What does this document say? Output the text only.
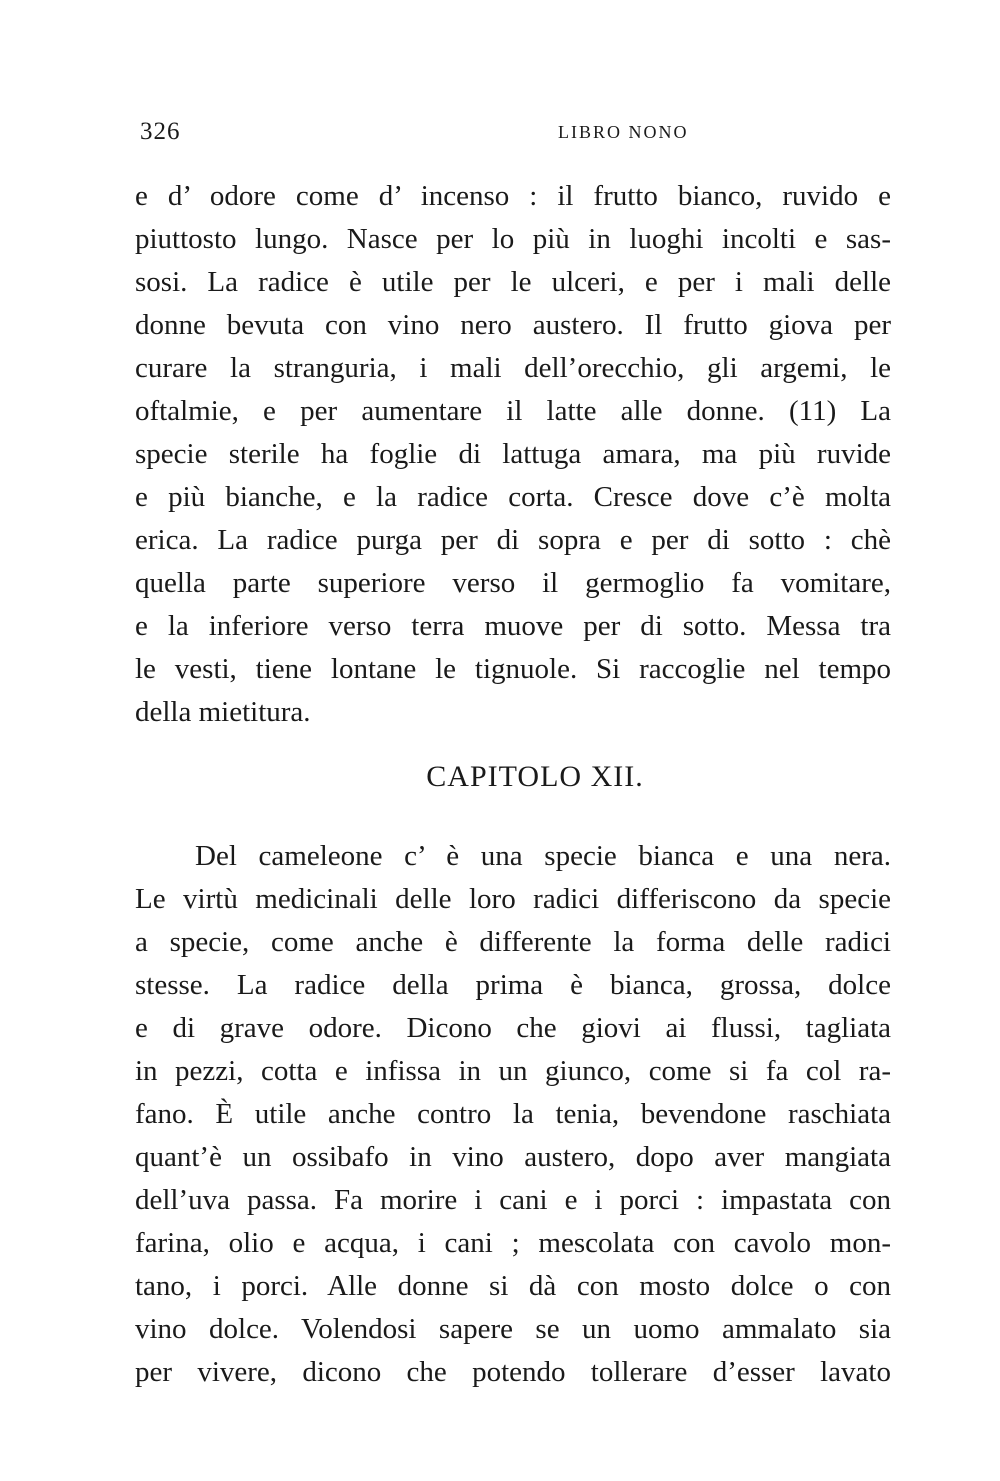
326	LIBRO NONO
e d’ odore come d’ incenso : il frutto bianco, ruvido e
piuttosto lungo. Nasce per lo più in luoghi incolti e sas-
sosi. La radice è utile per le ulceri, e per i mali delle
donne bevuta con vino nero austero. Il frutto giova per
curare la stranguria, i mali dell’orecchio, gli argemi, le
oftalmie, e per aumentare il latte alle donne. (11) La
specie sterile ha foglie di lattuga amara, ma più ruvide
e più bianche, e la radice corta. Cresce dove c’è molta
erica. La radice purga per di sopra e per di sotto : chè
quella parte superiore verso il germoglio fa vomitare,
e la inferiore verso terra muove per di sotto. Messa tra
le vesti, tiene lontane le tignuole. Si raccoglie nel tempo
della mietitura.
CAPITOLO XII.
Del cameleone c’ è una specie bianca e una nera.
Le virtù medicinali delle loro radici differiscono da specie
a specie, come anche è differente la forma delle radici
stesse. La radice della prima è bianca, grossa, dolce
e di grave odore. Dicono che giovi ai flussi, tagliata
in pezzi, cotta e infissa in un giunco, come si fa col ra-
fano. È utile anche contro la tenia, bevendone raschiata
quant’è un ossibafo in vino austero, dopo aver mangiata
dell’uva passa. Fa morire i cani e i porci : impastata con
farina, olio e acqua, i cani ; mescolata con cavolo mon-
tano, i porci. Alle donne si dà con mosto dolce o con
vino dolce. Volendosi sapere se un uomo ammalato sia
per vivere, dicono che potendo tollerare d’esser lavato
